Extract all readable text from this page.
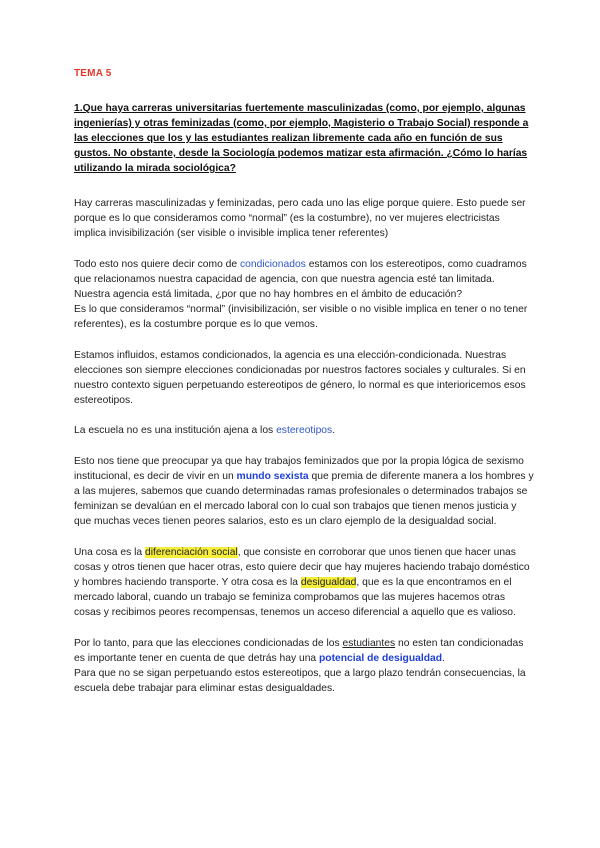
TEMA 5
1.Que haya carreras universitarias fuertemente masculinizadas (como, por ejemplo, algunas ingenierías) y otras feminizadas (como, por ejemplo, Magisterio o Trabajo Social) responde a las elecciones que los y las estudiantes realizan libremente cada año en función de sus gustos. No obstante, desde la Sociología podemos matizar esta afirmación. ¿Cómo lo harías utilizando la mirada sociológica?

Hay carreras masculinizadas y feminizadas, pero cada uno las elige porque quiere. Esto puede ser porque es lo que consideramos como “normal” (es la costumbre), no ver mujeres electricistas implica invisibilización (ser visible o invisible implica tener referentes)

Todo esto nos quiere decir como de condicionados estamos con los estereotipos, como cuadramos que relacionamos nuestra capacidad de agencia, con que nuestra agencia esté tan limitada.

Nuestra agencia está limitada, ¿por que no hay hombres en el ámbito de educación?

Es lo que consideramos “normal” (invisibilización, ser visible o no visible implica en tener o no tener referentes), es la costumbre porque es lo que vemos.

Estamos influidos, estamos condicionados, la agencia es una elección-condicionada. Nuestras elecciones son siempre elecciones condicionadas por nuestros factores sociales y culturales. Si en nuestro contexto siguen perpetuando estereotipos de género, lo normal es que interioricemos esos estereotipos.

La escuela no es una institución ajena a los estereotipos.

Esto nos tiene que preocupar ya que hay trabajos feminizados que por la propia lógica de sexismo institucional, es decir de vivir en un mundo sexista que premia de diferente manera a los hombres y a las mujeres, sabemos que cuando determinadas ramas profesionales o determinados trabajos se feminizan se devalúan en el mercado laboral con lo cual son trabajos que tienen menos justicia y que muchas veces tienen peores salarios, esto es un claro ejemplo de la desigualdad social.

Una cosa es la diferenciación social, que consiste en corroborar que unos tienen que hacer unas cosas y otros tienen que hacer otras, esto quiere decir que hay mujeres haciendo trabajo doméstico y hombres haciendo transporte. Y otra cosa es la desigualdad, que es la que encontramos en el mercado laboral, cuando un trabajo se feminiza comprobamos que las mujeres hacemos otras cosas y recibimos peores recompensas, tenemos un acceso diferencial a aquello que es valioso.

Por lo tanto, para que las elecciones condicionadas de los estudiantes no esten tan condicionadas es importante tener en cuenta de que detrás hay una potencial de desigualdad.

Para que no se sigan perpetuando estos estereotipos, que a largo plazo tendrán consecuencias, la escuela debe trabajar para eliminar estas desigualdades.
